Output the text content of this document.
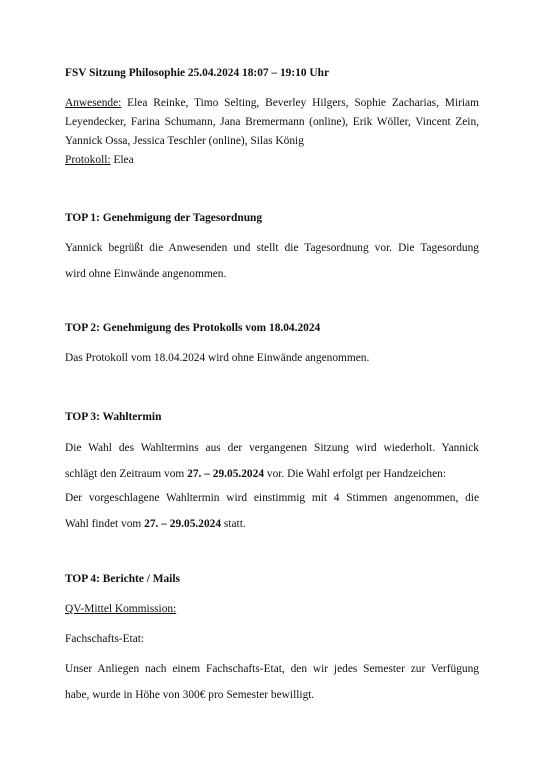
FSV Sitzung Philosophie 25.04.2024 18:07 – 19:10 Uhr
Anwesende: Elea Reinke, Timo Selting, Beverley Hilgers, Sophie Zacharias, Miriam
Leyendecker, Farina Schumann, Jana Bremermann (online), Erik Wöller, Vincent Zein,
Yannick Ossa, Jessica Teschler (online), Silas König
Protokoll: Elea
TOP 1: Genehmigung der Tagesordnung
Yannick begrüßt die Anwesenden und stellt die Tagesordnung vor. Die Tagesordung
wird ohne Einwände angenommen.
TOP 2: Genehmigung des Protokolls vom 18.04.2024
Das Protokoll vom 18.04.2024 wird ohne Einwände angenommen.
TOP 3: Wahltermin
Die Wahl des Wahltermins aus der vergangenen Sitzung wird wiederholt. Yannick
schlägt den Zeitraum vom 27. – 29.05.2024 vor. Die Wahl erfolgt per Handzeichen:
Der vorgeschlagene Wahltermin wird einstimmig mit 4 Stimmen angenommen, die
Wahl findet vom 27. – 29.05.2024 statt.
TOP 4: Berichte / Mails
QV-Mittel Kommission:
Fachschafts-Etat:
Unser Anliegen nach einem Fachschafts-Etat, den wir jedes Semester zur Verfügung
habe, wurde in Höhe von 300€ pro Semester bewilligt.
